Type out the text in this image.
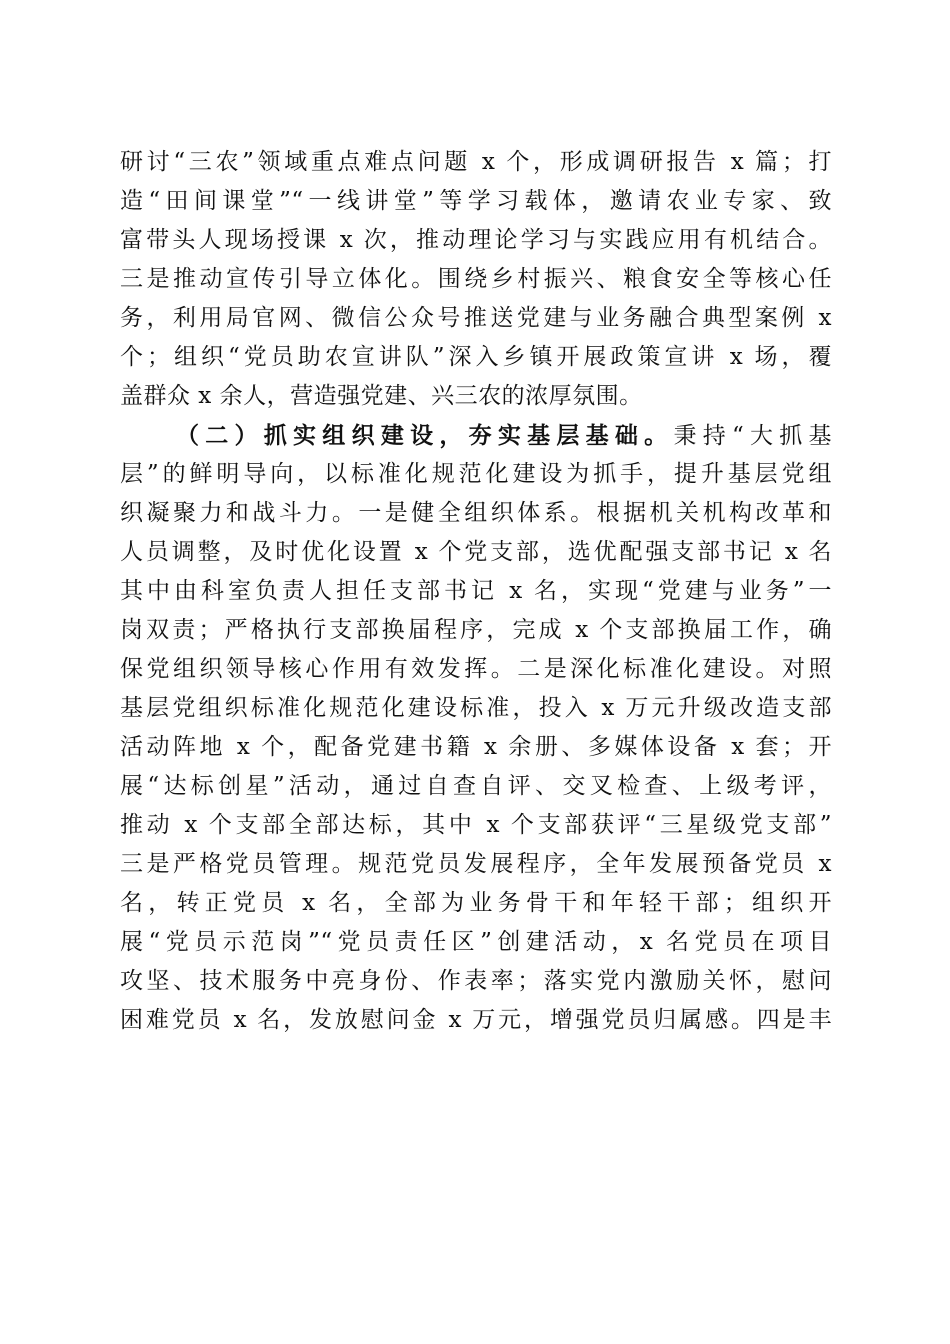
研讨“三农”领域重点难点问题 x 个，形成调研报告 x 篇；打
造“田间课堂”“一线讲堂”等学习载体，邀请农业专家、致
富带头人现场授课 x 次，推动理论学习与实践应用有机结合。
三是推动宣传引导立体化。围绕乡村振兴、粮食安全等核心任
务，利用局官网、微信公众号推送党建与业务融合典型案例 x
个；组织“党员助农宣讲队”深入乡镇开展政策宣讲 x 场，覆
盖群众 x 余人，营造强党建、兴三农的浓厚氛围。
（二）抓实组织建设，夯实基层基础。秉持“大抓基
层”的鲜明导向，以标准化规范化建设为抓手，提升基层党组
织凝聚力和战斗力。一是健全组织体系。根据机关机构改革和
人员调整，及时优化设置 x 个党支部，选优配强支部书记 x 名
其中由科室负责人担任支部书记 x 名，实现“党建与业务”一
岗双责；严格执行支部换届程序，完成 x 个支部换届工作，确
保党组织领导核心作用有效发挥。二是深化标准化建设。对照
基层党组织标准化规范化建设标准，投入 x 万元升级改造支部
活动阵地 x 个，配备党建书籍 x 余册、多媒体设备 x 套；开
展“达标创星”活动，通过自查自评、交叉检查、上级考评，
推动 x 个支部全部达标，其中 x 个支部获评“三星级党支部”
三是严格党员管理。规范党员发展程序，全年发展预备党员 x
名，转正党员 x 名，全部为业务骨干和年轻干部；组织开
展“党员示范岗”“党员责任区”创建活动，x 名党员在项目
攻坚、技术服务中亮身份、作表率；落实党内激励关怀，慰问
困难党员 x 名，发放慰问金 x 万元，增强党员归属感。四是丰
